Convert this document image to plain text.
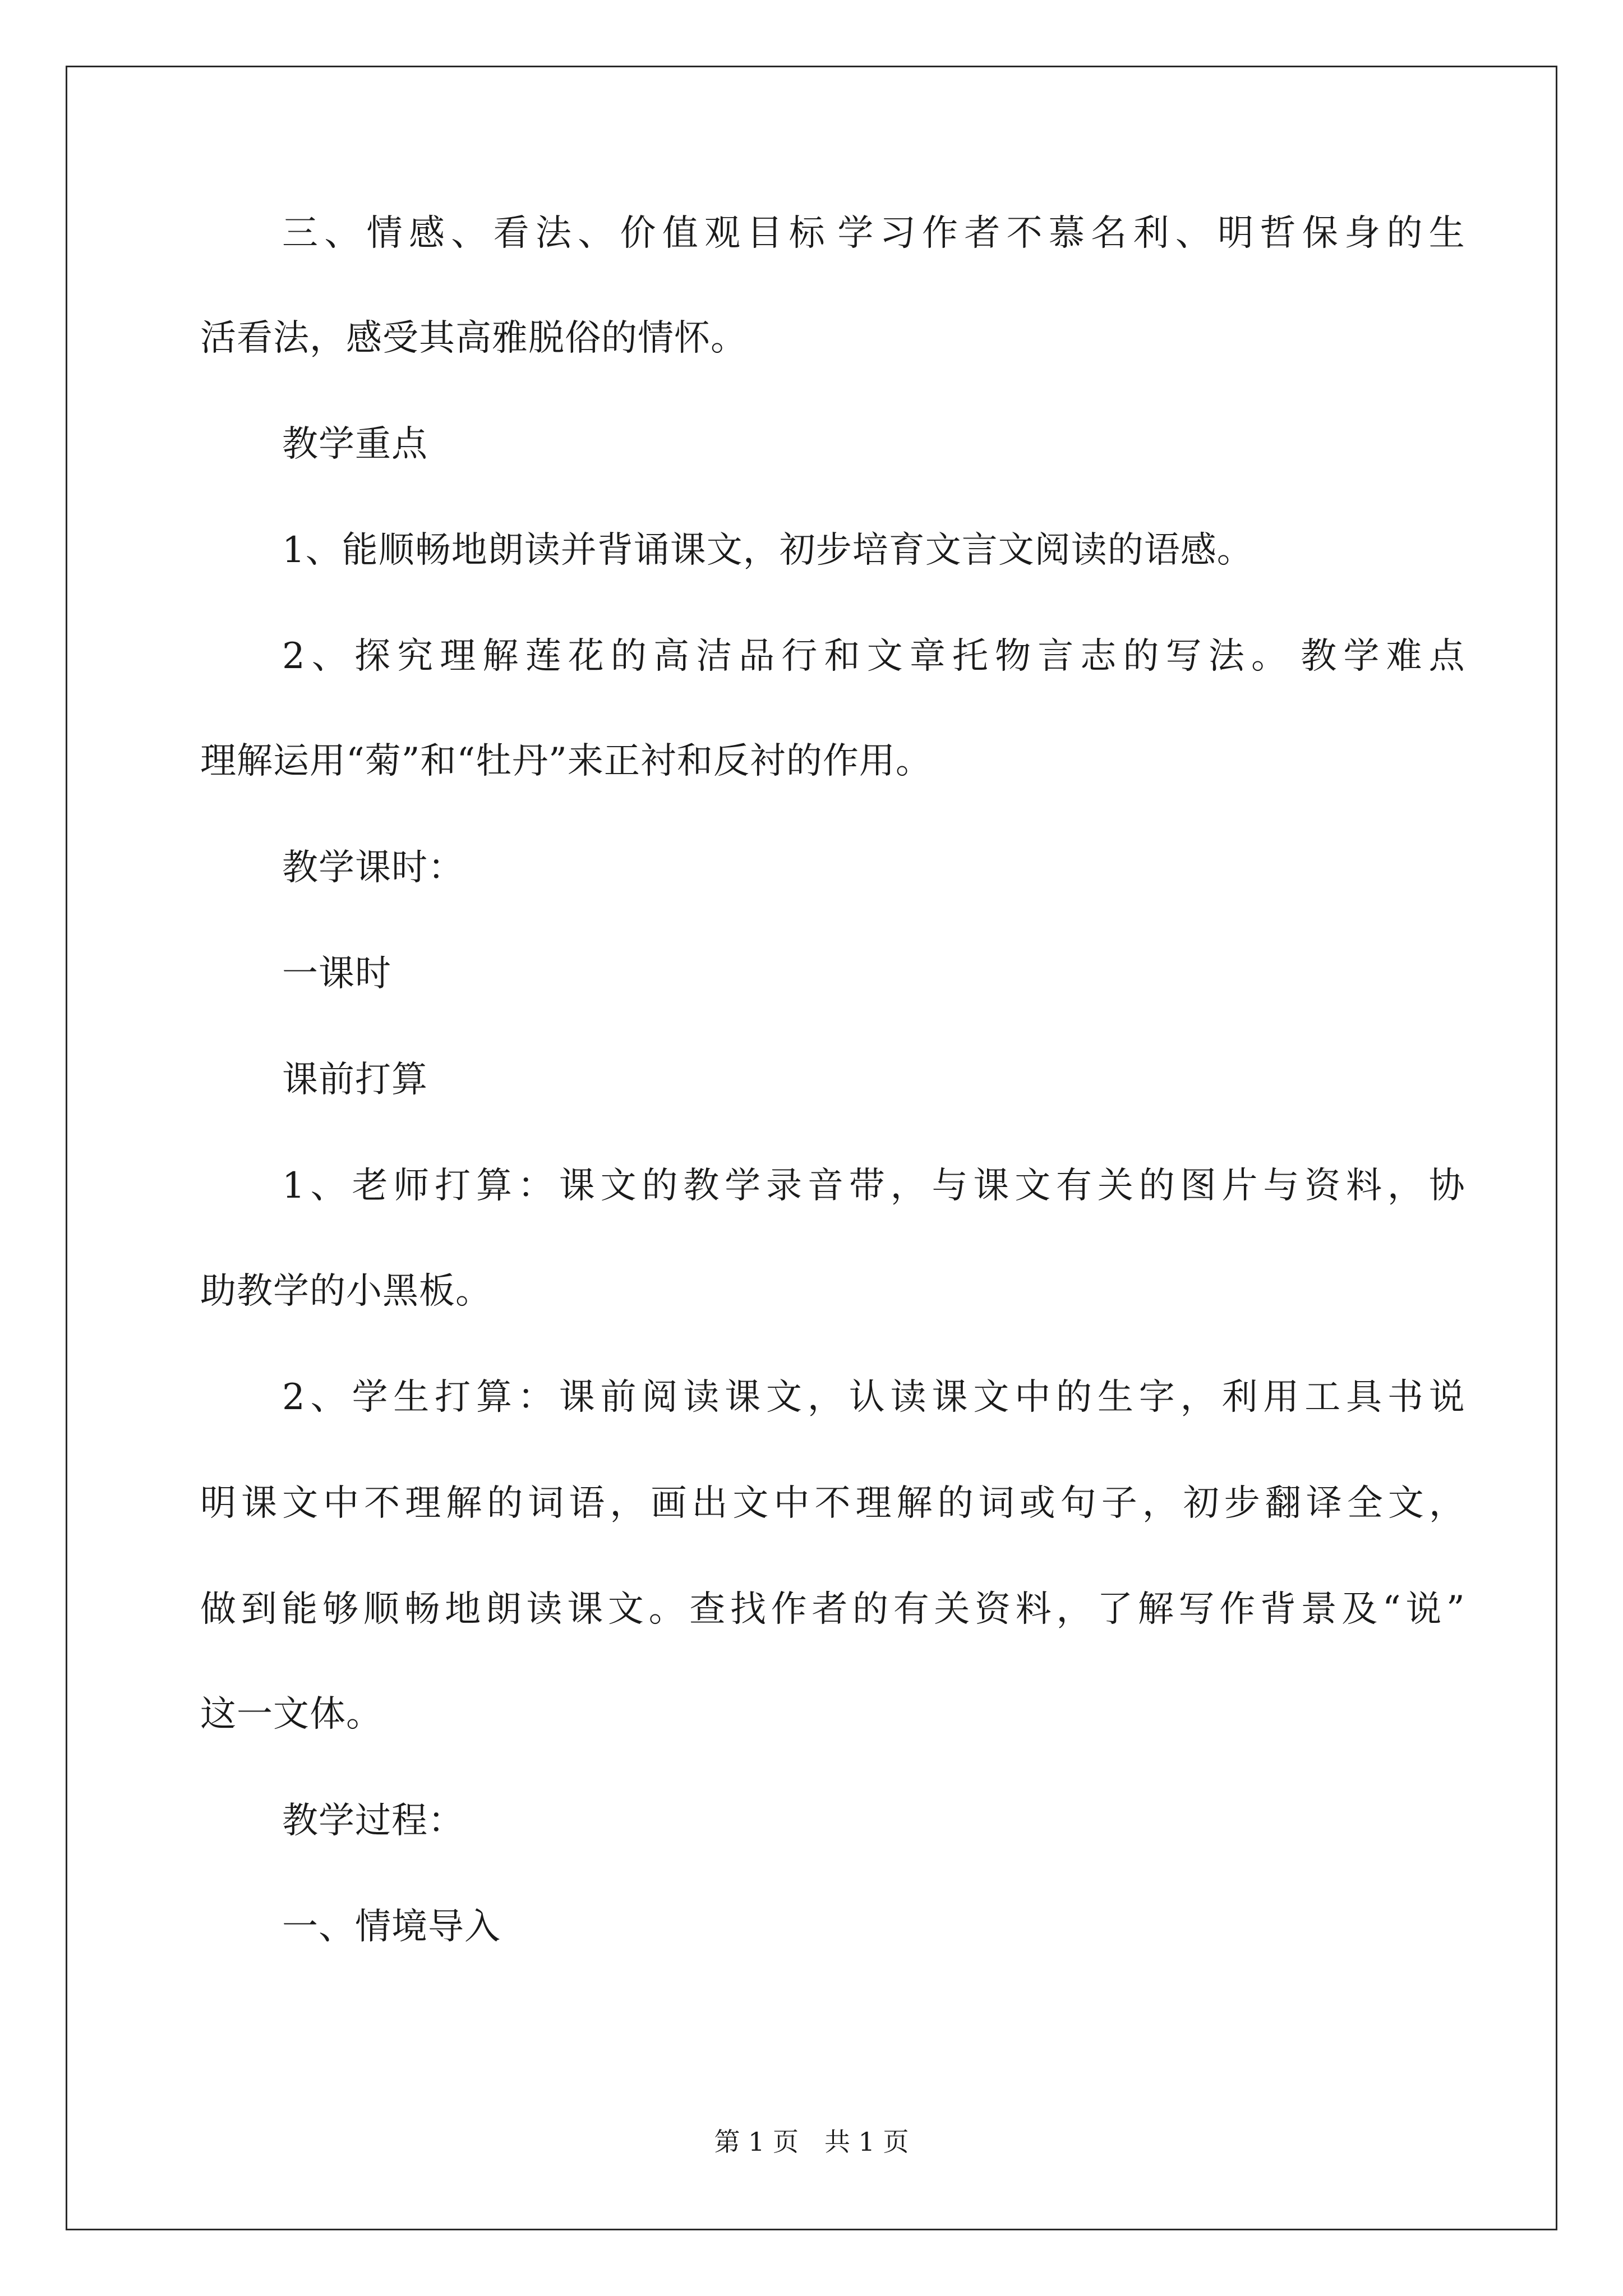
三 、 情 感 、 看 法 、 价 值 观 目 标 学 习 作 者 不 慕 名 利 、 明 哲 保 身 的 生
活看法，感受其高雅脱俗的情怀。
教学重点
1、能顺畅地朗读并背诵课文，初步培育文言文阅读的语感。
2 、 探 究 理 解 莲 花 的 高 洁 品 行 和 文 章 托 物 言 志 的 写 法 。 教 学 难 点
理解运用“菊”和“牡丹”来正衬和反衬的作用。
教学课时：
一课时
课前打算
1 、 老 师 打 算 ： 课 文 的 教 学 录 音 带 ， 与 课 文 有 关 的 图 片 与 资 料 ， 协
助教学的小黑板。
2 、 学 生 打 算 ： 课 前 阅 读 课 文 ， 认 读 课 文 中 的 生 字 ， 利 用 工 具 书 说
明 课 文 中 不 理 解 的 词 语 ， 画 出 文 中 不 理 解 的 词 或 句 子 ， 初 步 翻 译 全 文 ，
做 到 能 够 顺 畅 地 朗 读 课 文 。 查 找 作 者 的 有 关 资 料 ， 了 解 写 作 背 景 及 “ 说 ”
这一文体。
教学过程：
一、情境导入
第 1 页　共 1 页
